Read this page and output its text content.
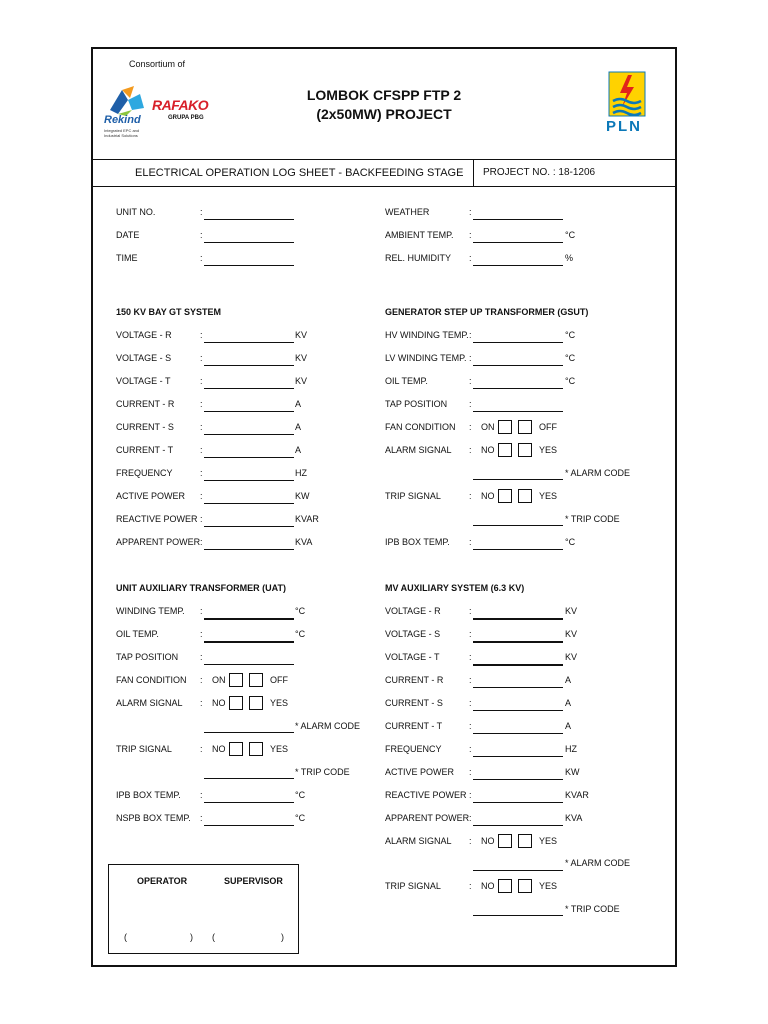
Consortium of
Rekind
Integrated EPC and Industrial Solutions
RAFAKO
GRUPA PBG
LOMBOK CFSPP FTP 2
(2x50MW) PROJECT
PLN
ELECTRICAL OPERATION LOG SHEET - BACKFEEDING STAGE PROJECT NO. : 18-1206
UNIT NO.	:
DATE	:
TIME	:
WEATHER	:
AMBIENT TEMP. :	°C
REL. HUMIDITY :	%
150 KV BAY GT SYSTEM
VOLTAGE - R	:	KV
VOLTAGE - S	:	KV
VOLTAGE - T	:	KV
CURRENT - R	:	A
CURRENT - S	:	A
CURRENT - T	:	A
FREQUENCY	:	HZ
ACTIVE POWER :	KW
REACTIVE POWER :	KVAR
APPARENT POWER :	KVA
GENERATOR STEP UP TRANSFORMER (GSUT)
HV WINDING TEMP. :	°C
LV WINDING TEMP. :	°C
OIL TEMP.	:	°C
TAP POSITION :
FAN CONDITION : ON	OFF
ALARM SIGNAL : NO	YES
* ALARM CODE
TRIP SIGNAL	: NO	YES
* TRIP CODE
IPB BOX TEMP. :	°C
UNIT AUXILIARY TRANSFORMER (UAT)
WINDING TEMP. :	°C
OIL TEMP.	:	°C
TAP POSITION :
FAN CONDITION : ON	OFF
ALARM SIGNAL : NO	YES
* ALARM CODE
TRIP SIGNAL	: NO	YES
* TRIP CODE
IPB BOX TEMP. :	°C
NSPB BOX TEMP. :	°C
MV AUXILIARY SYSTEM (6.3 KV)
VOLTAGE - R	:	KV
VOLTAGE - S	:	KV
VOLTAGE - T	:	KV
CURRENT - R	:	A
CURRENT - S	:	A
CURRENT - T	:	A
FREQUENCY	:	HZ
ACTIVE POWER :	KW
REACTIVE POWER :	KVAR
APPARENT POWER :	KVA
ALARM SIGNAL : NO	YES
* ALARM CODE
TRIP SIGNAL	: NO	YES
* TRIP CODE
OPERATOR	SUPERVISOR
(	) (	)
